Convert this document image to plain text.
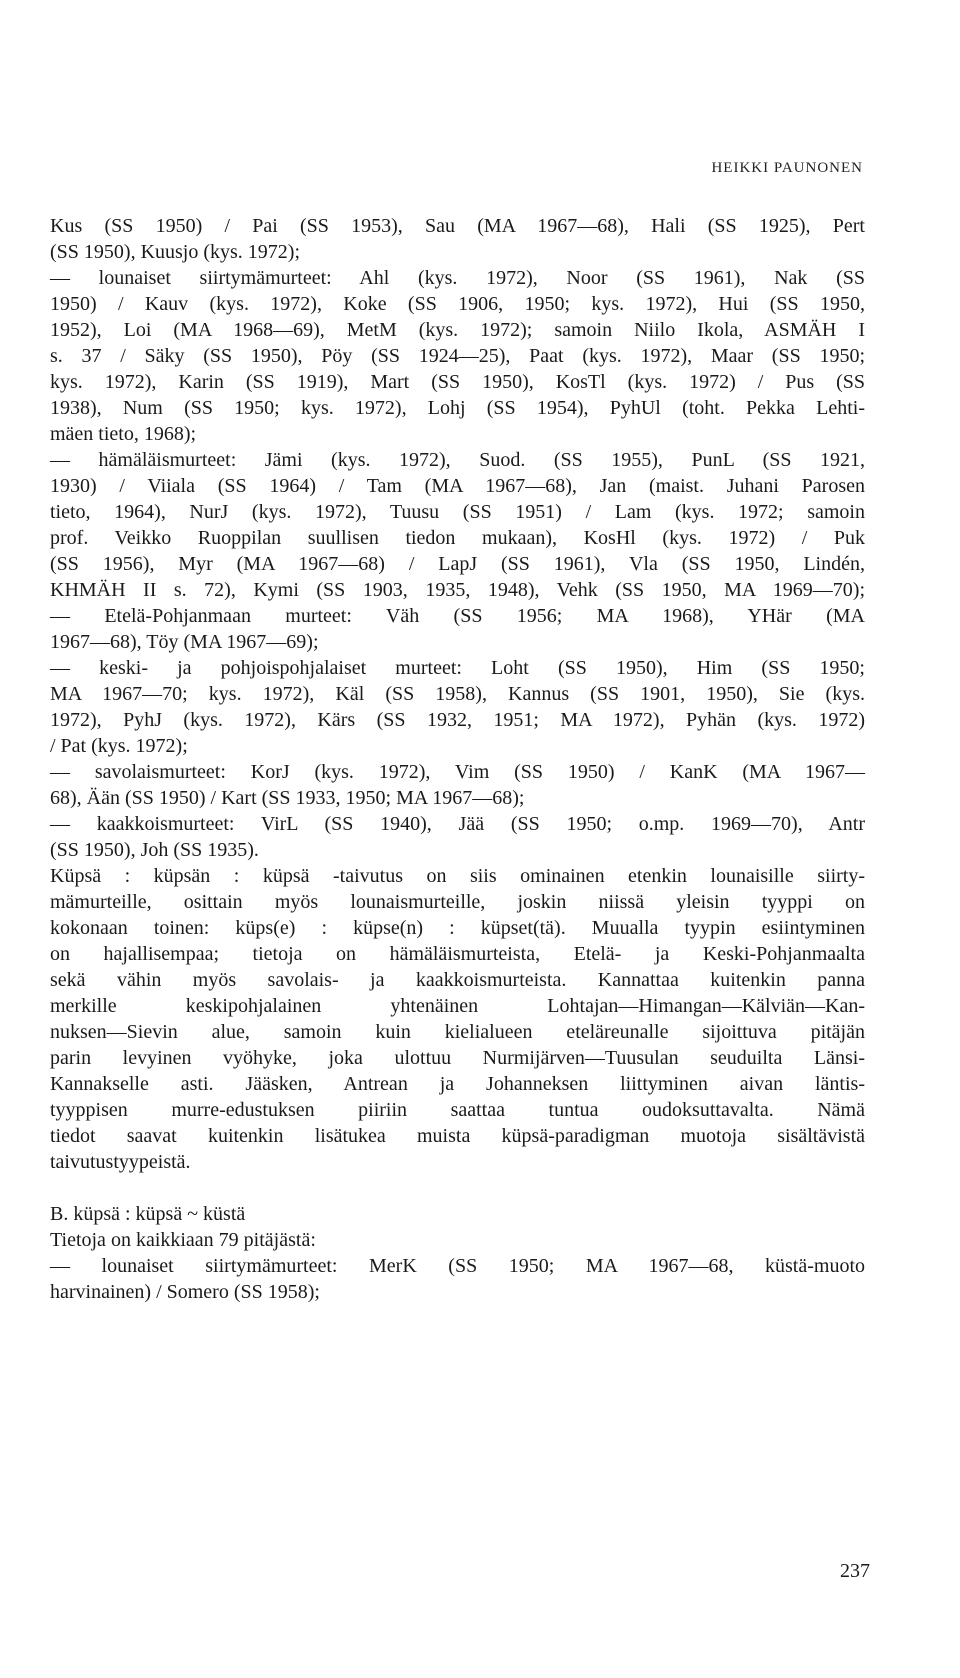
HEIKKI PAUNONEN
Kus (SS 1950) / Pai (SS 1953), Sau (MA 1967—68), Hali (SS 1925), Pert
(SS 1950), Kuusjo (kys. 1972);
— lounaiset siirtymämurteet: Ahl (kys. 1972), Noor (SS 1961), Nak (SS
1950) / Kauv (kys. 1972), Koke (SS 1906, 1950; kys. 1972), Hui (SS 1950,
1952), Loi (MA 1968—69), MetM (kys. 1972); samoin Niilo Ikola, ASMÄH I
s. 37 / Säky (SS 1950), Pöy (SS 1924—25), Paat (kys. 1972), Maar (SS 1950;
kys. 1972), Karin (SS 1919), Mart (SS 1950), KosTl (kys. 1972) / Pus (SS
1938), Num (SS 1950; kys. 1972), Lohj (SS 1954), PyhUl (toht. Pekka Lehti-
mäen tieto, 1968);
— hämäläismurteet: Jämi (kys. 1972), Suod. (SS 1955), PunL (SS 1921,
1930) / Viiala (SS 1964) / Tam (MA 1967—68), Jan (maist. Juhani Parosen
tieto, 1964), NurJ (kys. 1972), Tuusu (SS 1951) / Lam (kys. 1972; samoin
prof. Veikko Ruoppilan suullisen tiedon mukaan), KosHl (kys. 1972) / Puk
(SS 1956), Myr (MA 1967—68) / LapJ (SS 1961), Vla (SS 1950, Lindén,
KHMÄH II s. 72), Kymi (SS 1903, 1935, 1948), Vehk (SS 1950, MA 1969—70);
— Etelä-Pohjanmaan murteet: Väh (SS 1956; MA 1968), YHär (MA
1967—68), Töy (MA 1967—69);
— keski- ja pohjoispohjalaiset murteet: Loht (SS 1950), Him (SS 1950;
MA 1967—70; kys. 1972), Käl (SS 1958), Kannus (SS 1901, 1950), Sie (kys.
1972), PyhJ (kys. 1972), Kärs (SS 1932, 1951; MA 1972), Pyhän (kys. 1972)
/ Pat (kys. 1972);
— savolaismurteet: KorJ (kys. 1972), Vim (SS 1950) / KanK (MA 1967—
68), Ään (SS 1950) / Kart (SS 1933, 1950; MA 1967—68);
— kaakkoismurteet: VirL (SS 1940), Jää (SS 1950; o.mp. 1969—70), Antr
(SS 1950), Joh (SS 1935).
Küpsä : küpsän : küpsä -taivutus on siis ominainen etenkin lounaisille siirty-
mämurteille, osittain myös lounaismurteille, joskin niissä yleisin tyyppi on
kokonaan toinen: küps(e) : küpse(n) : küpset(tä). Muualla tyypin esiintyminen
on hajallisempaa; tietoja on hämäläismurteista, Etelä- ja Keski-Pohjanmaalta
sekä vähin myös savolais- ja kaakkoismurteista. Kannattaa kuitenkin panna
merkille keskipohjalainen yhtenäinen Lohtajan—Himangan—Kälviän—Kan-
nuksen—Sievin alue, samoin kuin kielialueen eteläreunalle sijoittuva pitäjän
parin levyinen vyöhyke, joka ulottuu Nurmijärven—Tuusulan seuduilta Länsi-
Kannakselle asti. Jääsken, Antrean ja Johanneksen liittyminen aivan läntis-
tyyppisen murre-edustuksen piiriin saattaa tuntua oudoksuttavalta. Nämä
tiedot saavat kuitenkin lisätukea muista küpsä-paradigman muotoja sisältävistä
taivutustyypeistä.
B. küpsä : küpsä ~ küstä
Tietoja on kaikkiaan 79 pitäjästä:
— lounaiset siirtymämurteet: MerK (SS 1950; MA 1967—68, küstä-muoto
harvinainen) / Somero (SS 1958);
237
